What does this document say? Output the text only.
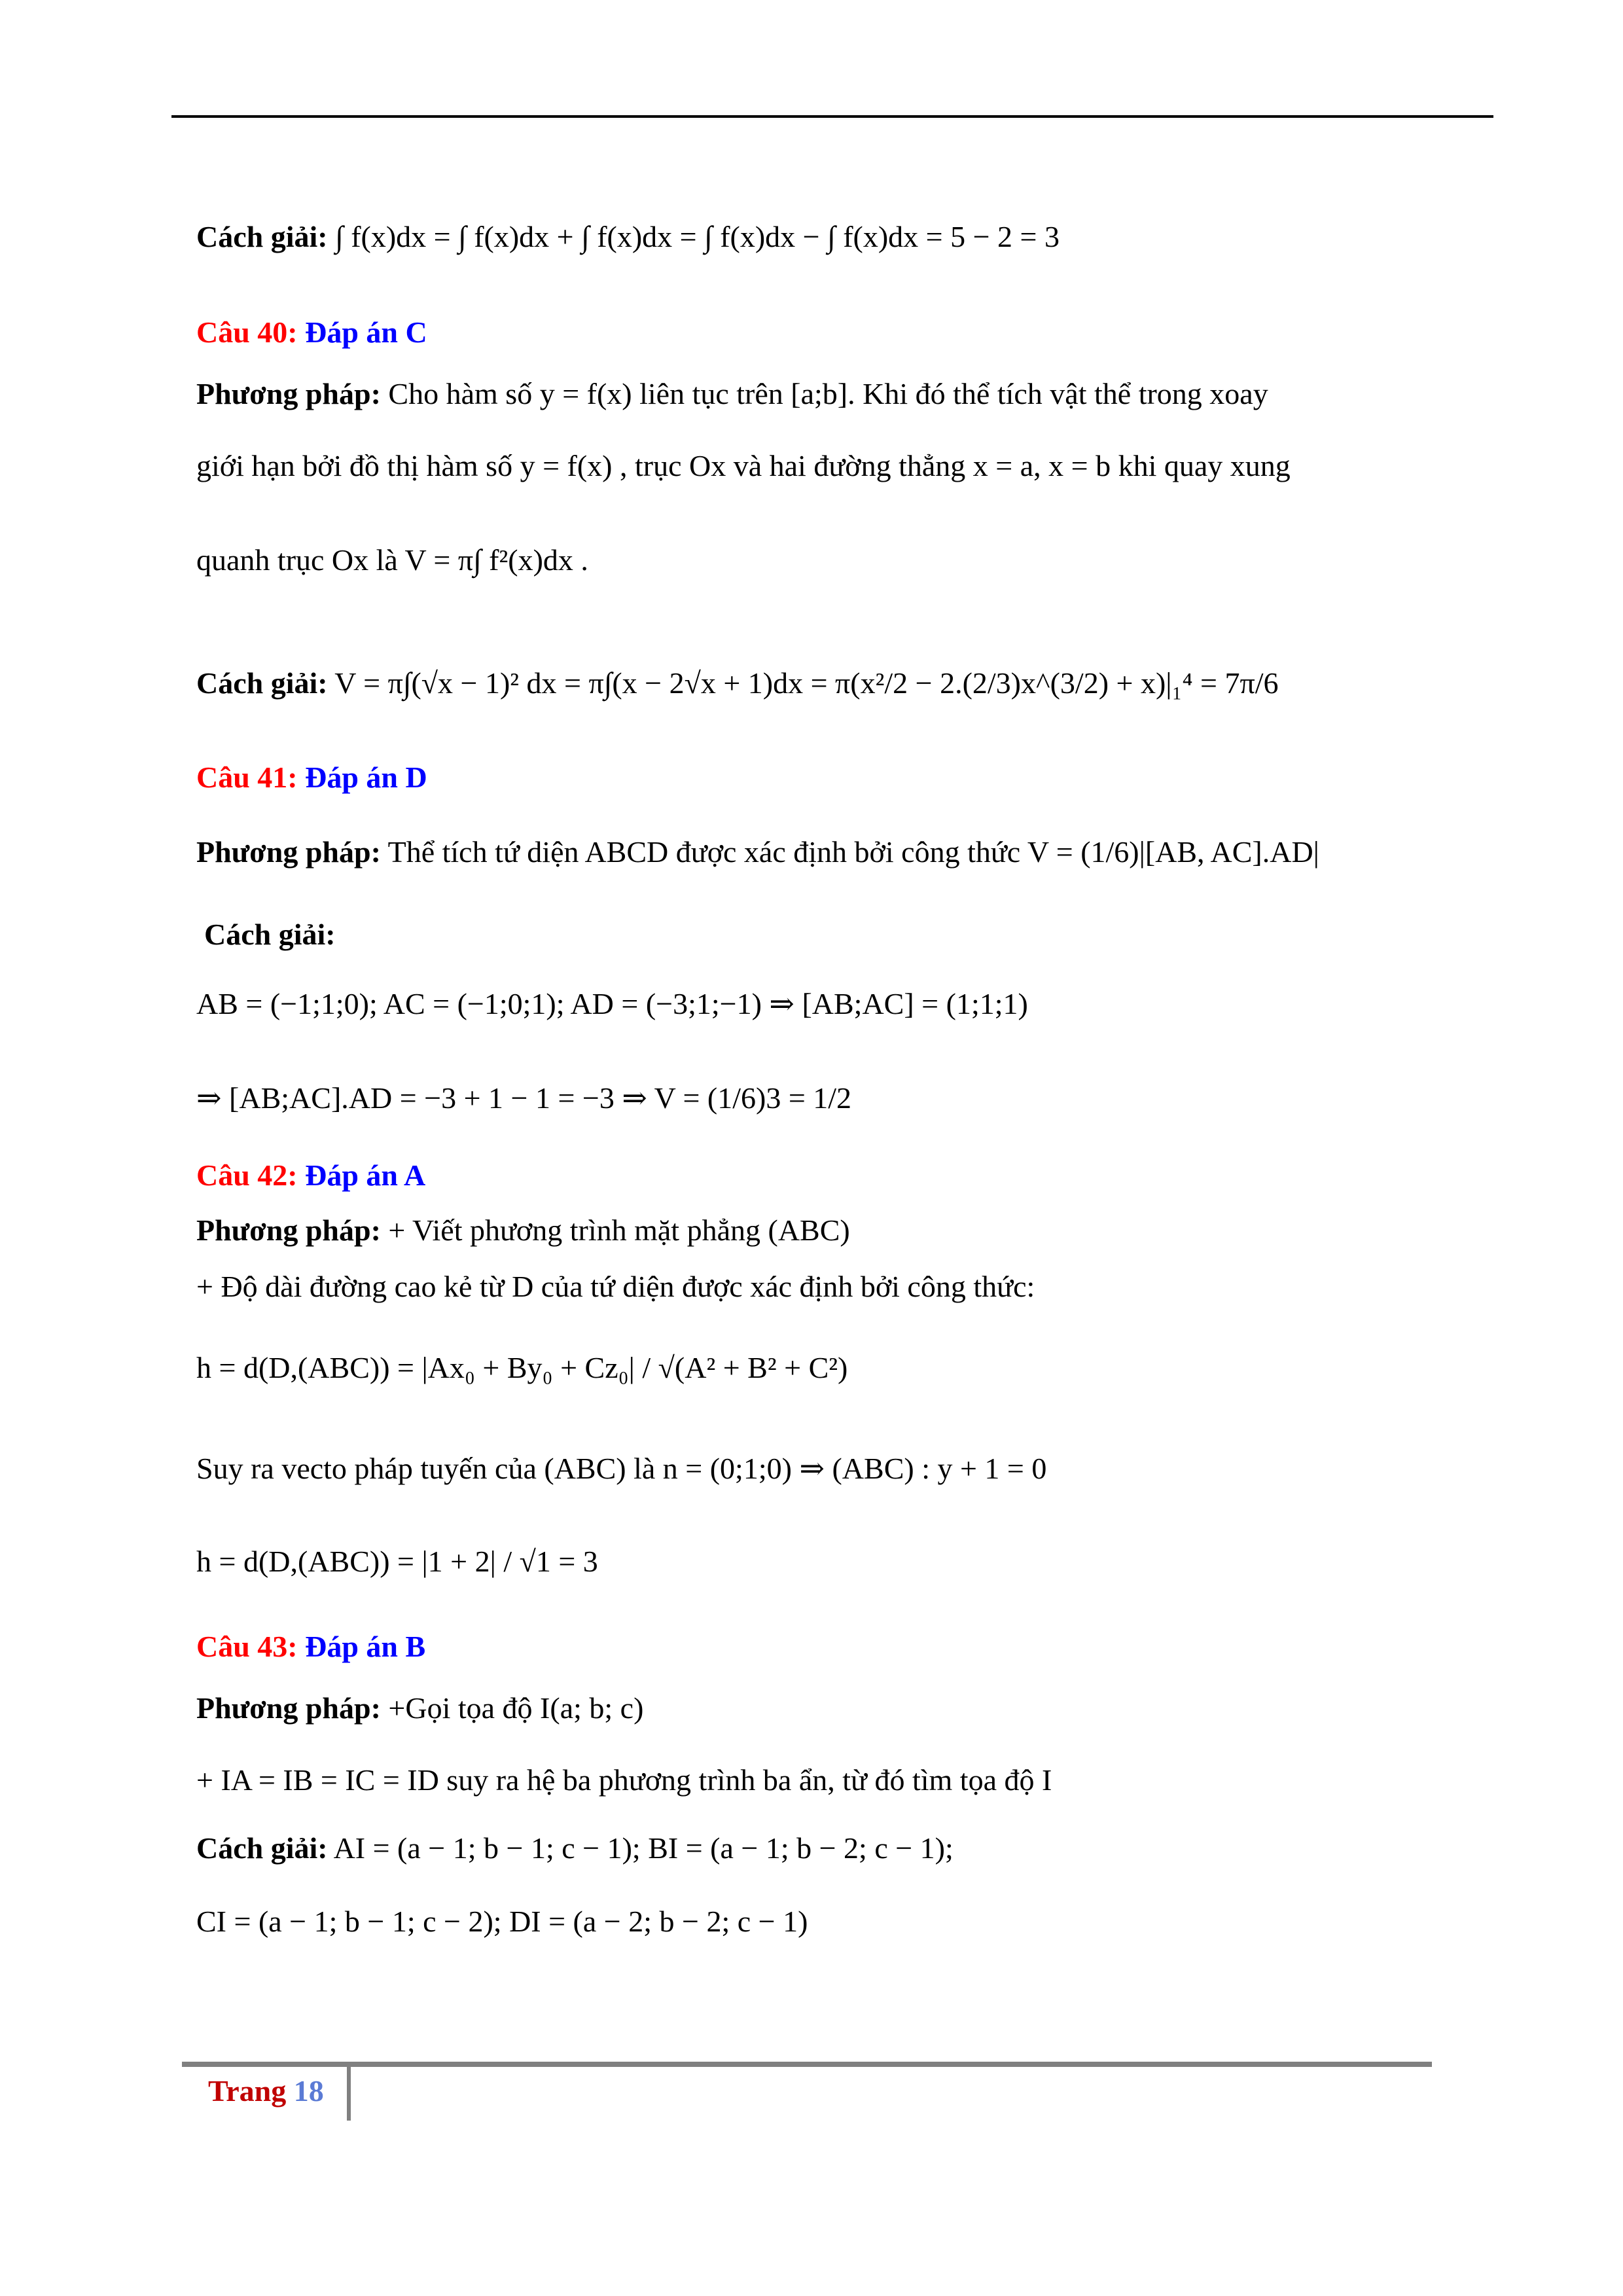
Cách giải: ∫ f(x)dx = ∫ f(x)dx + ∫ f(x)dx = ∫ f(x)dx − ∫ f(x)dx = 5 − 2 = 3
Câu 40: Đáp án C
Phương pháp: Cho hàm số y = f(x) liên tục trên [a;b]. Khi đó thể tích vật thể trong xoay
giới hạn bởi đồ thị hàm số y = f(x) , trục Ox và hai đường thẳng x = a, x = b khi quay xung
quanh trục Ox là V = π∫ f²(x)dx .
Cách giải: V = π∫(√x − 1)² dx = π∫(x − 2√x + 1)dx = π(x²/2 − 2.(2/3)x^(3/2) + x)|₁⁴ = 7π/6
Câu 41: Đáp án D
Phương pháp: Thể tích tứ diện ABCD được xác định bởi công thức V = (1/6)|[AB, AC].AD|
Cách giải:
AB = (−1;1;0); AC = (−1;0;1); AD = (−3;1;−1) ⇒ [AB;AC] = (1;1;1)
⇒ [AB;AC].AD = −3 + 1 − 1 = −3 ⇒ V = (1/6)3 = 1/2
Câu 42: Đáp án A
Phương pháp: + Viết phương trình mặt phẳng (ABC)
+ Độ dài đường cao kẻ từ D của tứ diện được xác định bởi công thức:
h = d(D,(ABC)) = |Ax₀ + By₀ + Cz₀| / √(A² + B² + C²)
Suy ra vecto pháp tuyến của (ABC) là n = (0;1;0) ⇒ (ABC) : y + 1 = 0
h = d(D,(ABC)) = |1 + 2| / √1 = 3
Câu 43: Đáp án B
Phương pháp: +Gọi tọa độ I(a; b; c)
+ IA = IB = IC = ID suy ra hệ ba phương trình ba ẩn, từ đó tìm tọa độ I
Cách giải: AI = (a − 1; b − 1; c − 1); BI = (a − 1; b − 2; c − 1);
CI = (a − 1; b − 1; c − 2); DI = (a − 2; b − 2; c − 1)
Trang 18
